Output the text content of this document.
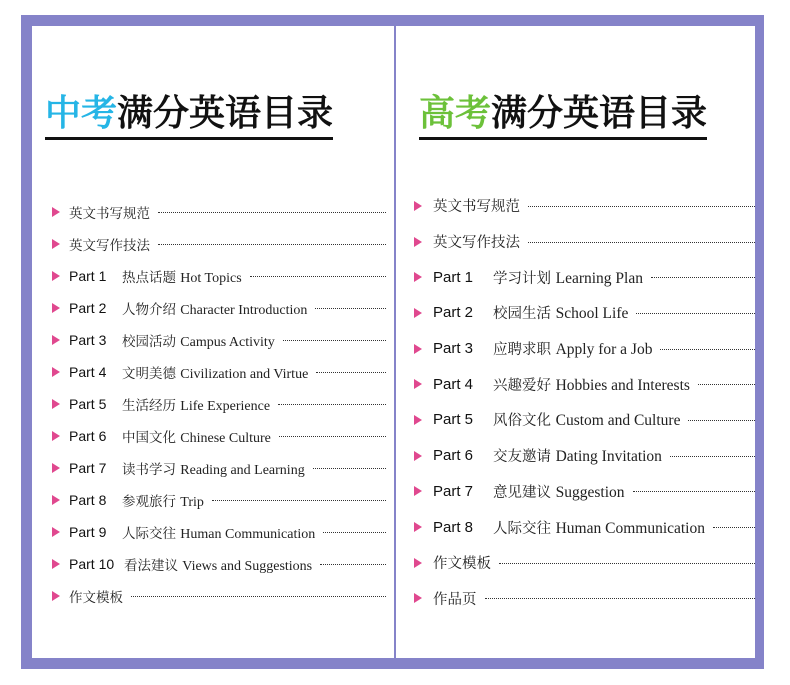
中考满分英语目录
英文书写规范
英文写作技法
Part 1 热点话题 Hot Topics
Part 2 人物介绍 Character Introduction
Part 3 校园活动 Campus Activity
Part 4 文明美德 Civilization and Virtue
Part 5 生活经历 Life Experience
Part 6 中国文化 Chinese Culture
Part 7 读书学习 Reading and Learning
Part 8 参观旅行 Trip
Part 9 人际交往 Human Communication
Part 10 看法建议 Views and Suggestions
作文模板
高考满分英语目录
英文书写规范
英文写作技法
Part 1 学习计划 Learning Plan
Part 2 校园生活 School Life
Part 3 应聘求职 Apply for a Job
Part 4 兴趣爱好 Hobbies and Interests
Part 5 风俗文化 Custom and Culture
Part 6 交友邀请 Dating Invitation
Part 7 意见建议 Suggestion
Part 8 人际交往 Human Communication
作文模板
作品页
